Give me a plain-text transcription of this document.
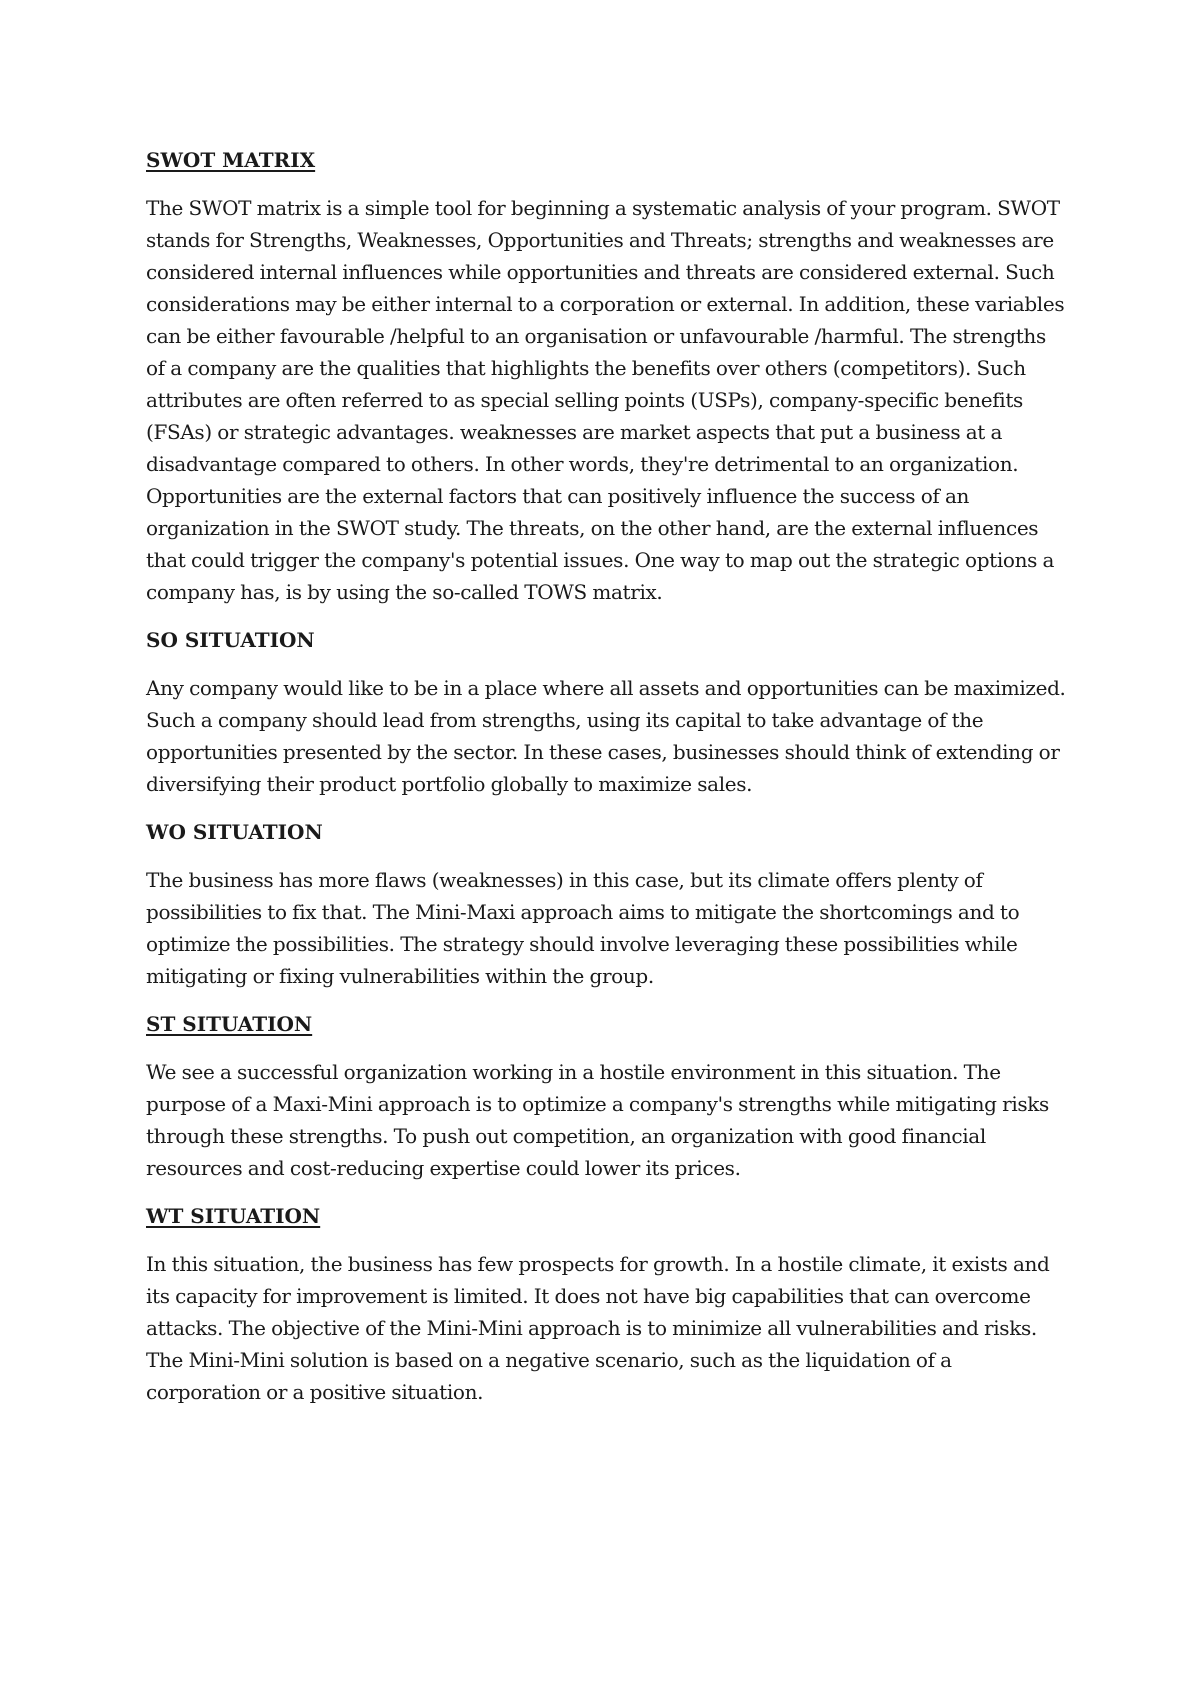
SWOT MATRIX

The SWOT matrix is a simple tool for beginning a systematic analysis of your program. SWOT stands for Strengths, Weaknesses, Opportunities and Threats; strengths and weaknesses are considered internal influences while opportunities and threats are considered external. Such considerations may be either internal to a corporation or external. In addition, these variables can be either favourable /helpful to an organisation or unfavourable /harmful. The strengths of a company are the qualities that highlights the benefits over others (competitors). Such attributes are often referred to as special selling points (USPs), company-specific benefits (FSAs) or strategic advantages. weaknesses are market aspects that put a business at a disadvantage compared to others. In other words, they're detrimental to an organization. Opportunities are the external factors that can positively influence the success of an organization in the SWOT study. The threats, on the other hand, are the external influences that could trigger the company's potential issues. One way to map out the strategic options a company has, is by using the so-called TOWS matrix.

SO SITUATION

Any company would like to be in a place where all assets and opportunities can be maximized. Such a company should lead from strengths, using its capital to take advantage of the opportunities presented by the sector. In these cases, businesses should think of extending or diversifying their product portfolio globally to maximize sales.

WO SITUATION

The business has more flaws (weaknesses) in this case, but its climate offers plenty of possibilities to fix that. The Mini-Maxi approach aims to mitigate the shortcomings and to optimize the possibilities. The strategy should involve leveraging these possibilities while mitigating or fixing vulnerabilities within the group.

ST SITUATION

We see a successful organization working in a hostile environment in this situation. The purpose of a Maxi-Mini approach is to optimize a company's strengths while mitigating risks through these strengths. To push out competition, an organization with good financial resources and cost-reducing expertise could lower its prices.

WT SITUATION

In this situation, the business has few prospects for growth. In a hostile climate, it exists and its capacity for improvement is limited. It does not have big capabilities that can overcome attacks. The objective of the Mini-Mini approach is to minimize all vulnerabilities and risks. The Mini-Mini solution is based on a negative scenario, such as the liquidation of a corporation or a positive situation.
